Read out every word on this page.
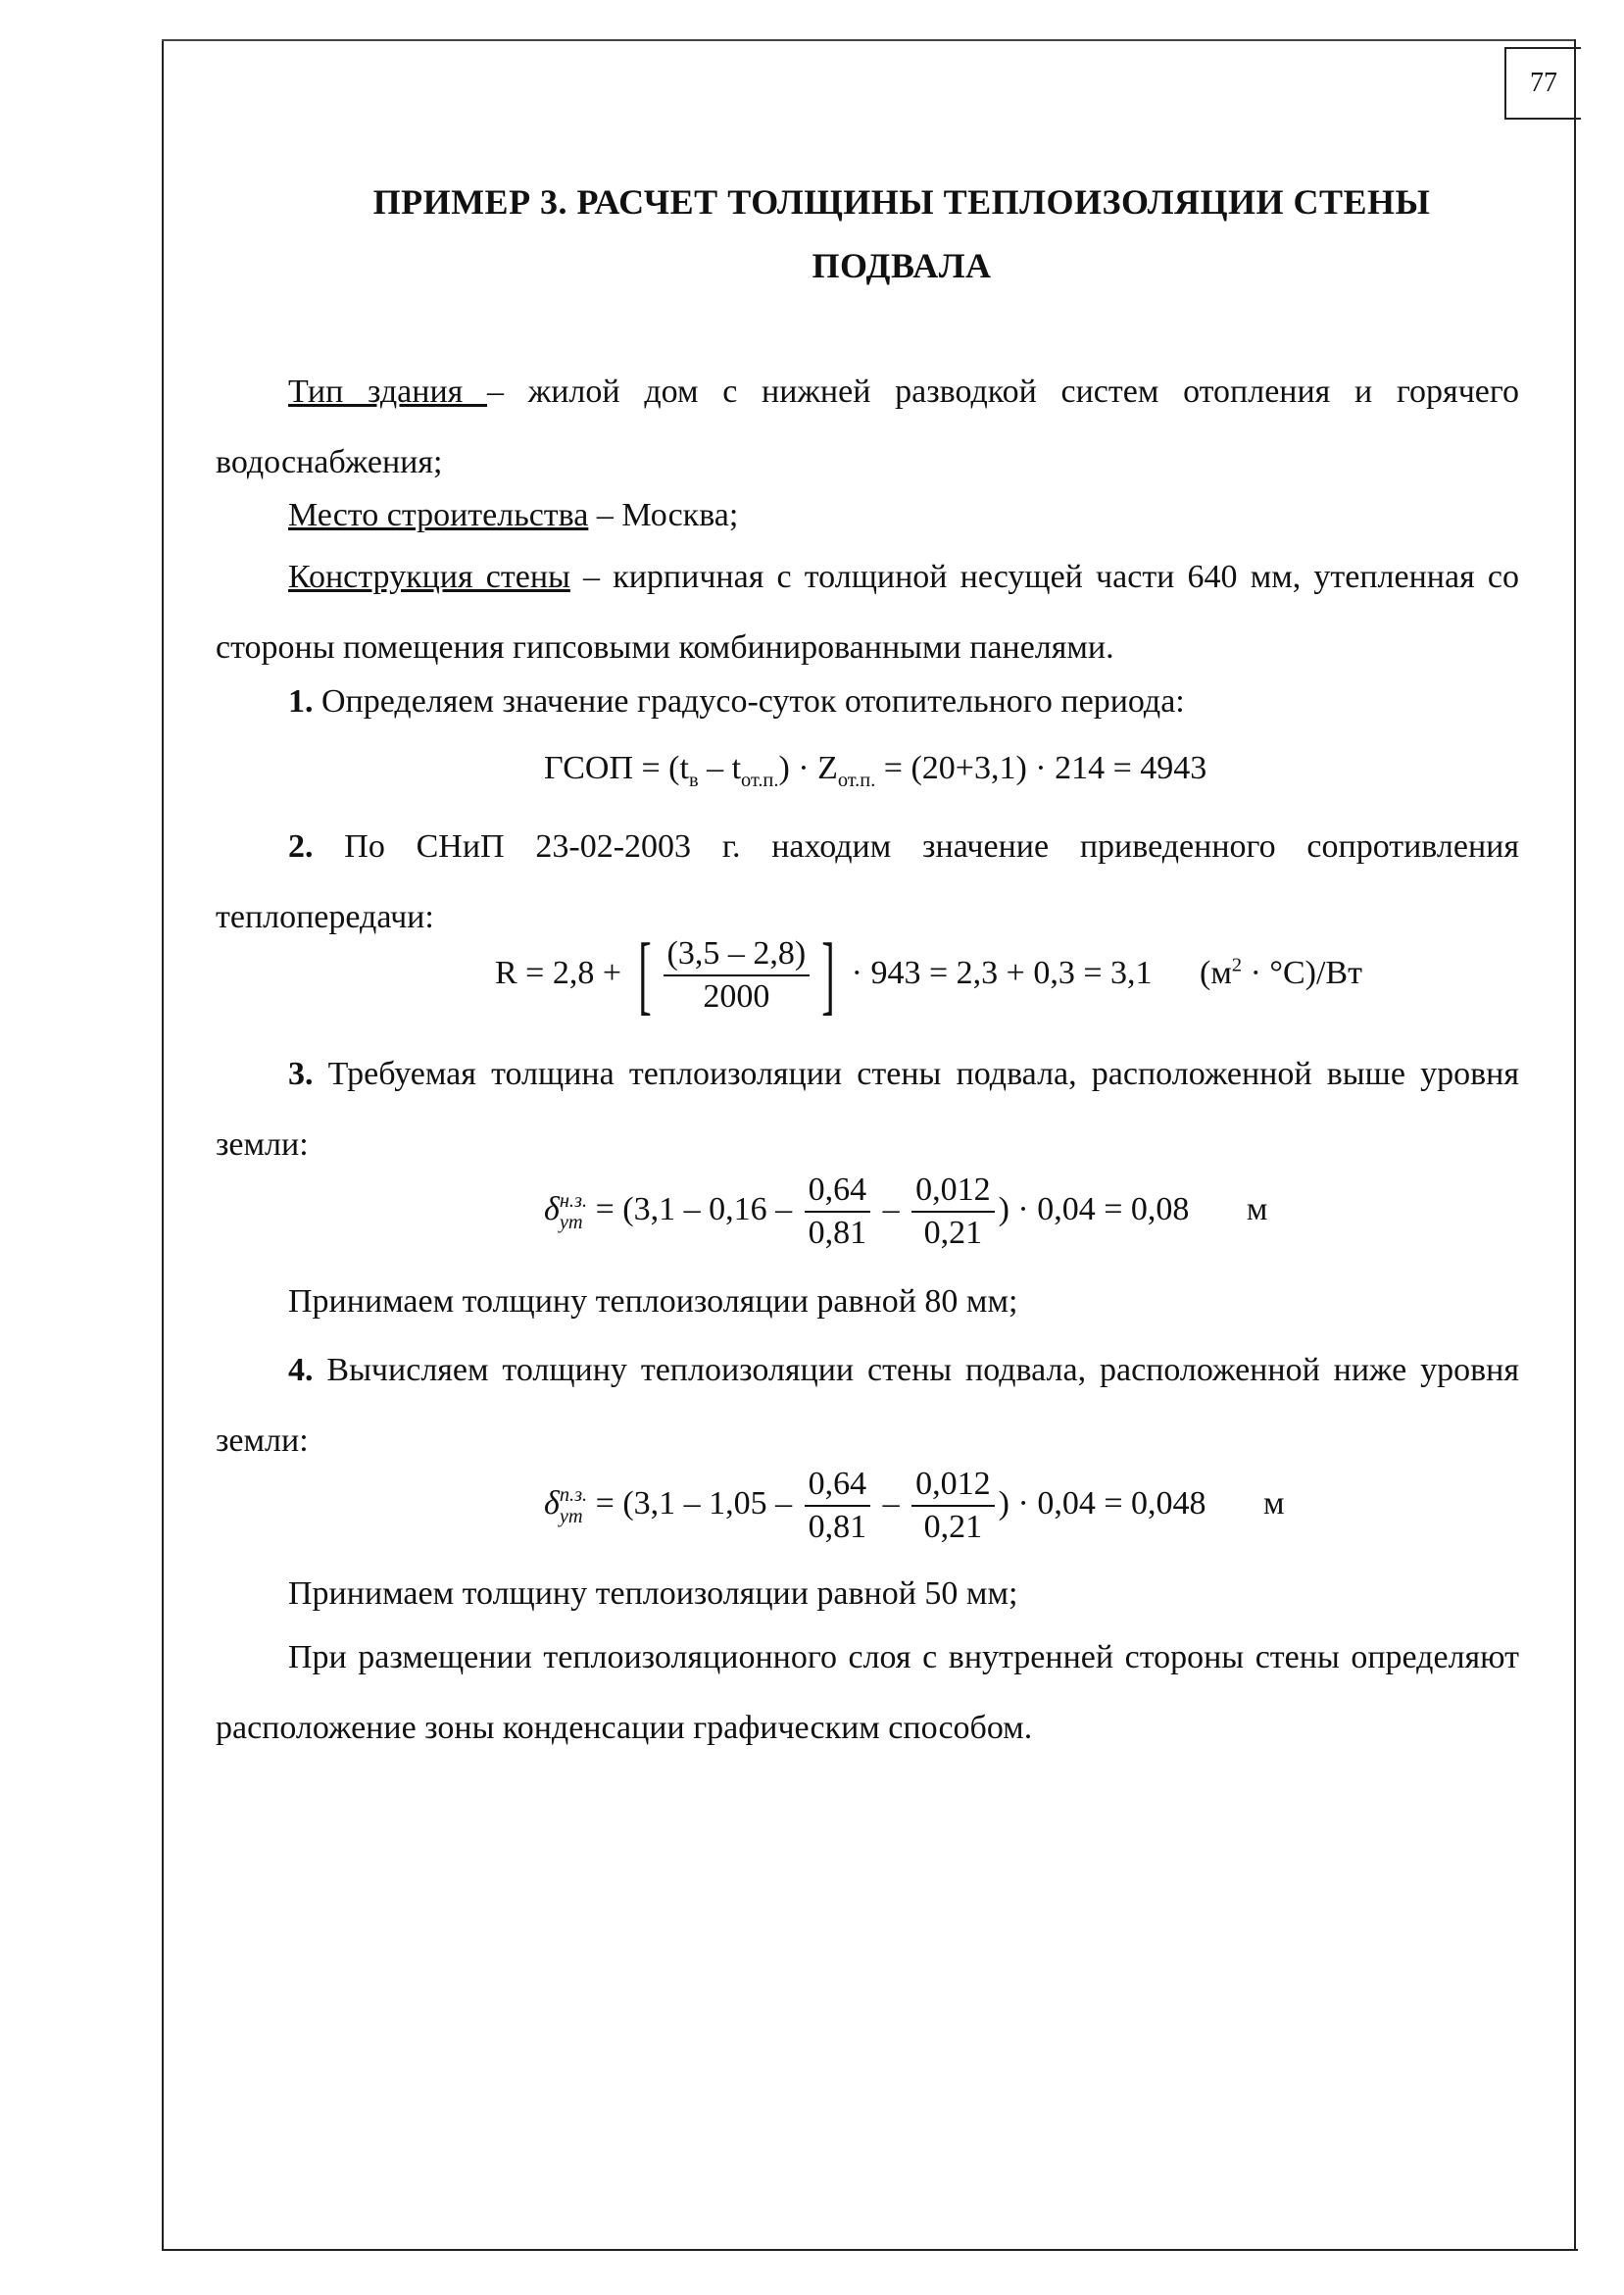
77
ПРИМЕР 3. РАСЧЕТ ТОЛЩИНЫ ТЕПЛОИЗОЛЯЦИИ СТЕНЫ
ПОДВАЛА
Тип здания – жилой дом с нижней разводкой систем отопления и горячего водоснабжения;
Место строительства – Москва;
Конструкция стены – кирпичная с толщиной несущей части 640 мм, утепленная со стороны помещения гипсовыми комбинированными панелями.
1. Определяем значение градусо-суток отопительного периода:
ГСОП = $(t_в - t_{от.п.}) \cdot Z_{от.п.} = (20+3,1) \cdot 214 = 4943$
2. По СНиП 23-02-2003 г. находим значение приведенного сопротивления теплопередачи:
R = 2,8 + [ $\frac{(3,5 - 2,8)}{2000}$ ] · 943 = 2,3 + 0,3 = 3,1 $(м^2 \cdot ^\circ С)/Вт$
3. Требуемая толщина теплоизоляции стены подвала, расположенной выше уровня земли:
δ н.з.
ут = ($3,1 - 0,16 - \frac{0,64}{0,81} - \frac{0,012}{0,21}$ ) · 0,04 = 0,08 м
Принимаем толщину теплоизоляции равной 80 мм;
4. Вычисляем толщину теплоизоляции стены подвала, расположенной ниже уровня земли:
δ п.з.
ут = ($3,1 - 1,05 - \frac{0,64}{0,81} - \frac{0,012}{0,21}$ ) · 0,04 = 0,048 м
Принимаем толщину теплоизоляции равной 50 мм;
При размещении теплоизоляционного слоя с внутренней стороны стены определяют расположение зоны конденсации графическим способом.
